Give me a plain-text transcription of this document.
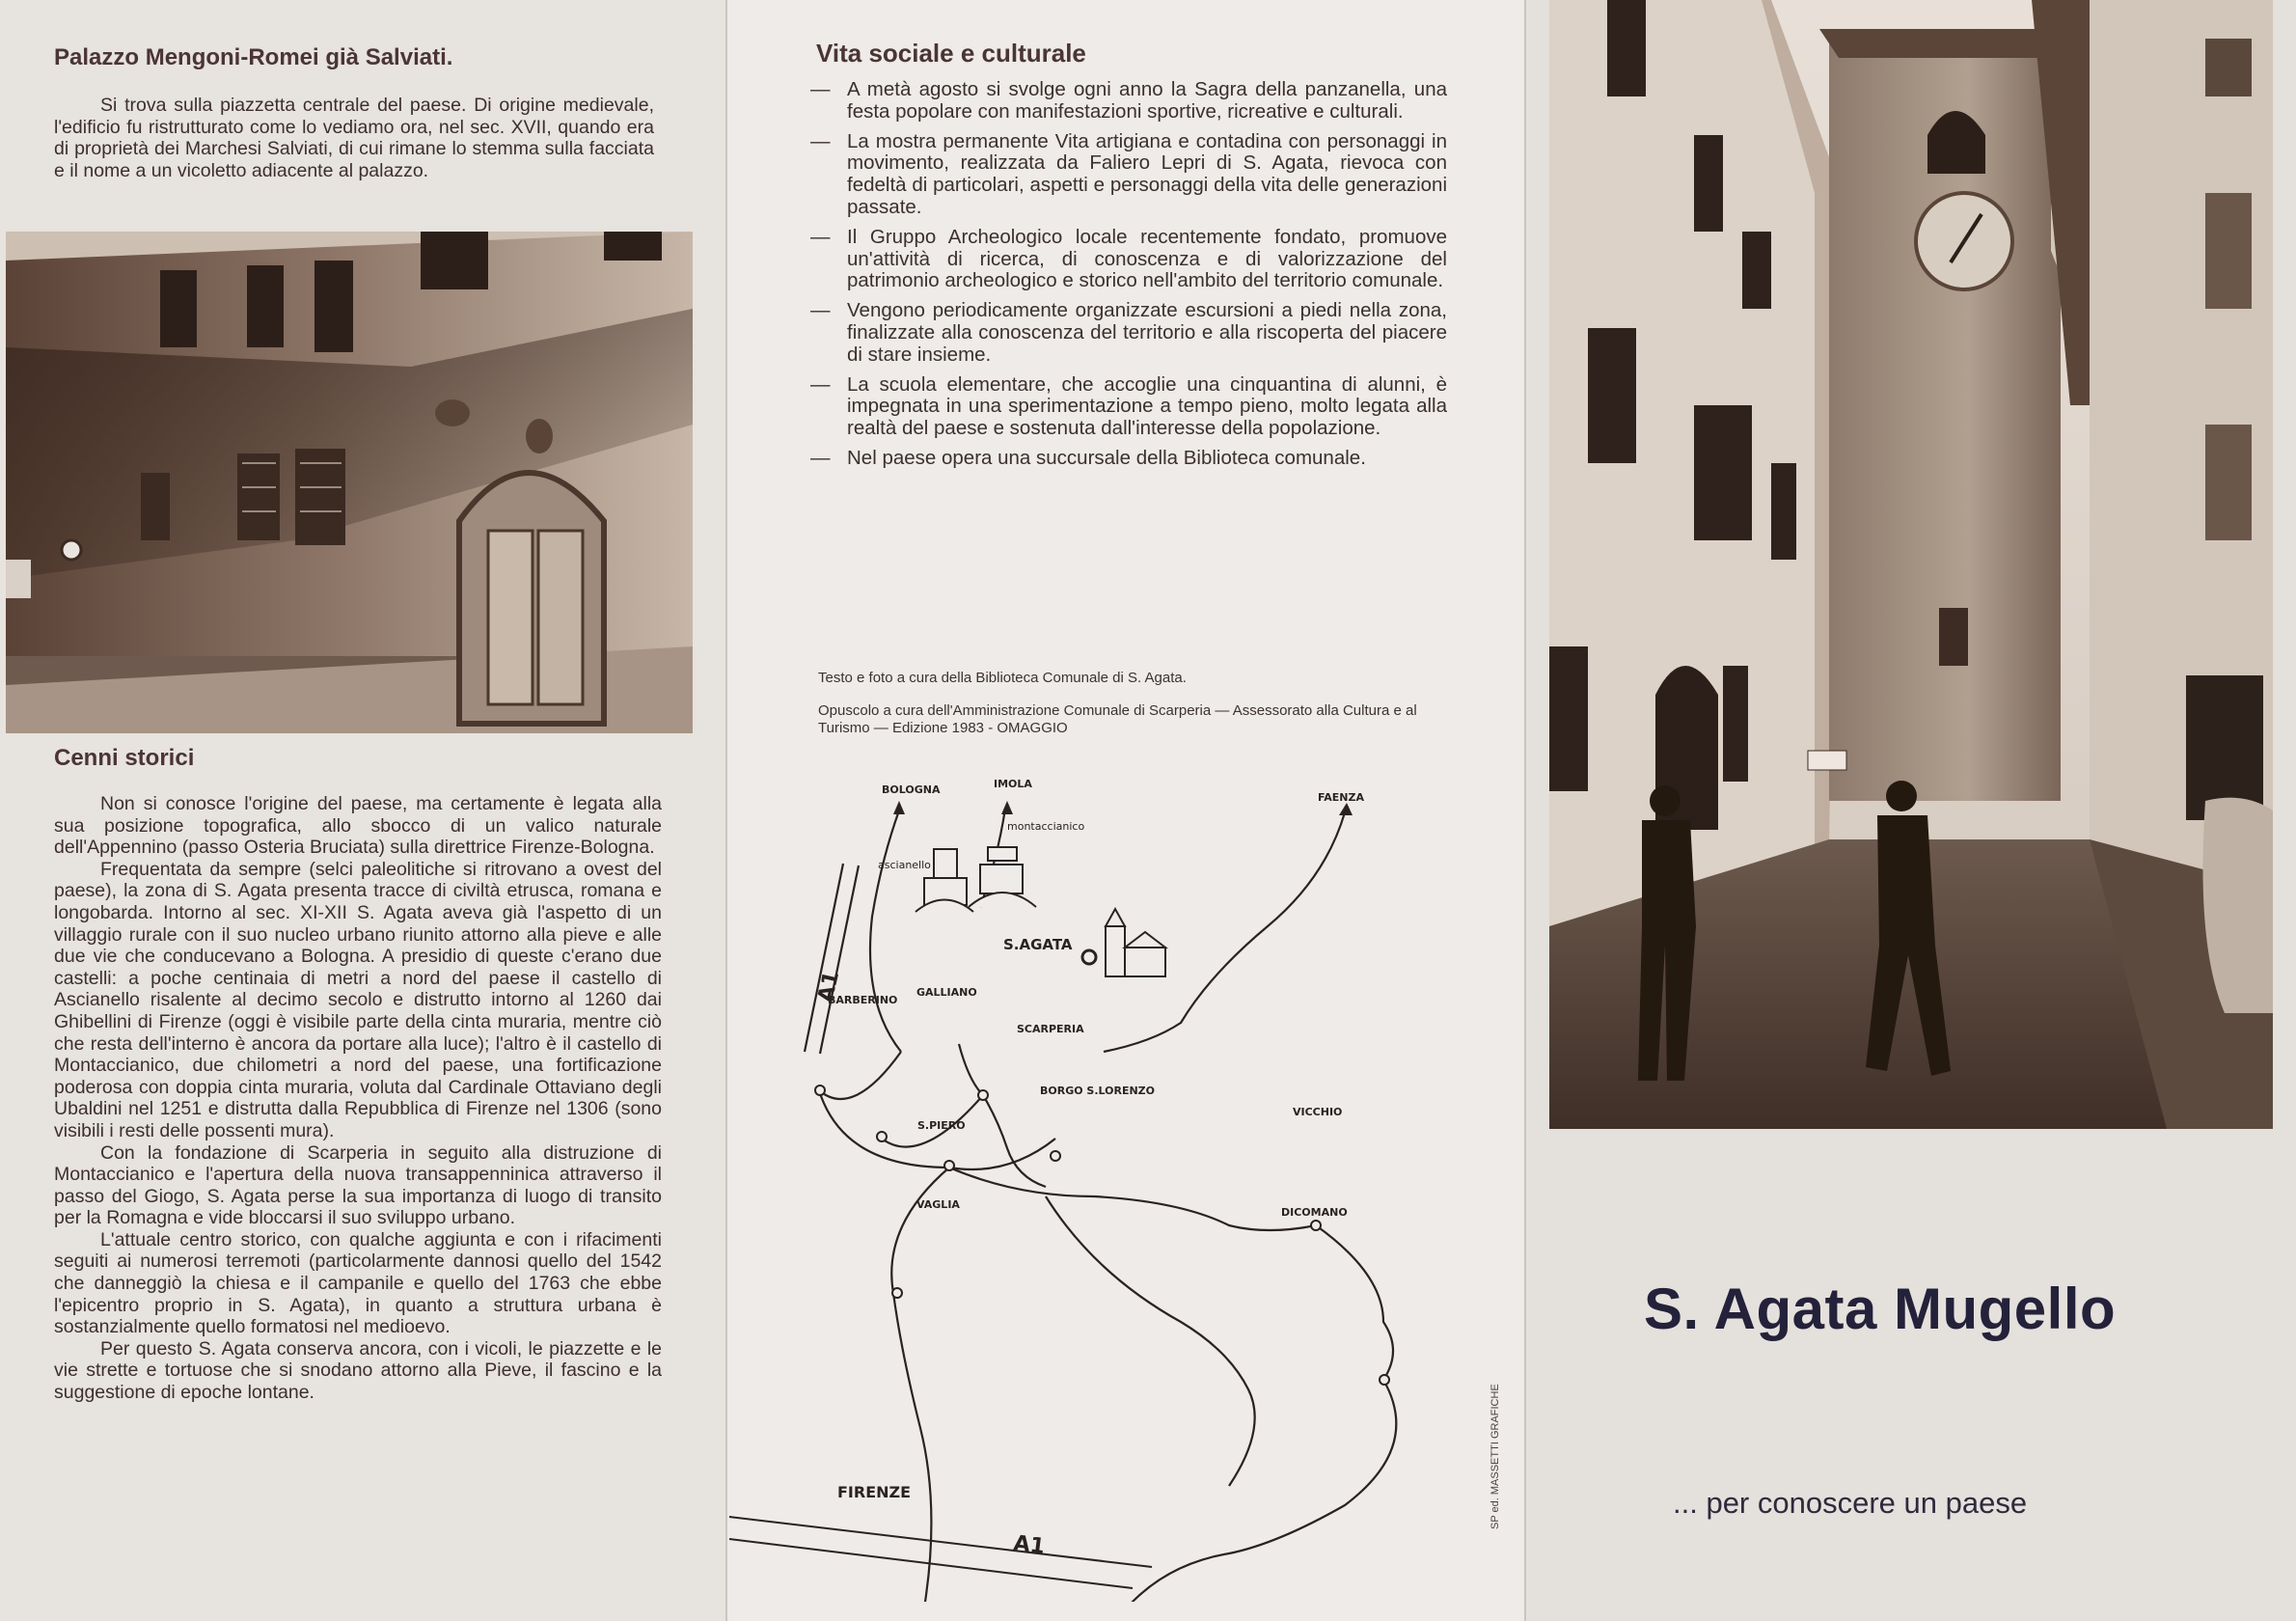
Palazzo Mengoni-Romei già Salviati.

Si trova sulla piazzetta centrale del paese. Di origine medievale, l'edificio fu ristrutturato come lo vediamo ora, nel sec. XVII, quando era di proprietà dei Marchesi Salviati, di cui rimane lo stemma sulla facciata e il nome a un vicoletto adiacente al palazzo.

Cenni storici

Non si conosce l'origine del paese, ma certamente è legata alla sua posizione topografica, allo sbocco di un valico naturale dell'Appennino (passo Osteria Bruciata) sulla direttrice Firenze-Bologna.

Frequentata da sempre (selci paleolitiche si ritrovano a ovest del paese), la zona di S. Agata presenta tracce di civiltà etrusca, romana e longobarda. Intorno al sec. XI-XII S. Agata aveva già l'aspetto di un villaggio rurale con il suo nucleo urbano riunito attorno alla pieve e alle due vie che conducevano a Bologna. A presidio di queste c'erano due castelli: a poche centinaia di metri a nord del paese il castello di Ascianello risalente al decimo secolo e distrutto intorno al 1260 dai Ghibellini di Firenze (oggi è visibile parte della cinta muraria, mentre ciò che resta dell'interno è ancora da portare alla luce); l'altro è il castello di Montaccianico, due chilometri a nord del paese, una fortificazione poderosa con doppia cinta muraria, voluta dal Cardinale Ottaviano degli Ubaldini nel 1251 e distrutta dalla Repubblica di Firenze nel 1306 (sono visibili i resti delle possenti mura).

Con la fondazione di Scarperia in seguito alla distruzione di Montaccianico e l'apertura della nuova transappenninica attraverso il passo del Giogo, S. Agata perse la sua importanza di luogo di transito per la Romagna e vide bloccarsi il suo sviluppo urbano.

L'attuale centro storico, con qualche aggiunta e con i rifacimenti seguiti ai numerosi terremoti (particolarmente dannosi quello del 1542 che danneggiò la chiesa e il campanile e quello del 1763 che ebbe l'epicentro proprio in S. Agata), in quanto a struttura urbana è sostanzialmente quello formatosi nel medioevo.

Per questo S. Agata conserva ancora, con i vicoli, le piazzette e le vie strette e tortuose che si snodano attorno alla Pieve, il fascino e la suggestione di epoche lontane.

Vita sociale e culturale
— A metà agosto si svolge ogni anno la Sagra della panzanella, una festa popolare con manifestazioni sportive, ricreative e culturali.
— La mostra permanente Vita artigiana e contadina con personaggi in movimento, realizzata da Faliero Lepri di S. Agata, rievoca con fedeltà di particolari, aspetti e personaggi della vita delle generazioni passate.
— Il Gruppo Archeologico locale recentemente fondato, promuove un'attività di ricerca, di conoscenza e di valorizzazione del patrimonio archeologico e storico nell'ambito del territorio comunale.
— Vengono periodicamente organizzate escursioni a piedi nella zona, finalizzate alla conoscenza del territorio e alla riscoperta del piacere di stare insieme.
— La scuola elementare, che accoglie una cinquantina di alunni, è impegnata in una sperimentazione a tempo pieno, molto legata alla realtà del paese e sostenuta dall'interesse della popolazione.
— Nel paese opera una succursale della Biblioteca comunale.
Testo e foto a cura della Biblioteca Comunale di S. Agata.
Opuscolo a cura dell'Amministrazione Comunale di Scarperia — Assessorato alla Cultura e al Turismo — Edizione 1983 - OMAGGIO
BOLOGNA	IMOLA
FAENZA
montaccianico
ascianello
S.AGATA
A1
BARBERINO
GALLIANO
SCARPERIA
BORGO S.LORENZO
S.PIERO
VICCHIO
VAGLIA
DICOMANO
FIRENZE
A1
SP ed. MASSETTI GRAFICHE
S. Agata Mugello
... per conoscere un paese
